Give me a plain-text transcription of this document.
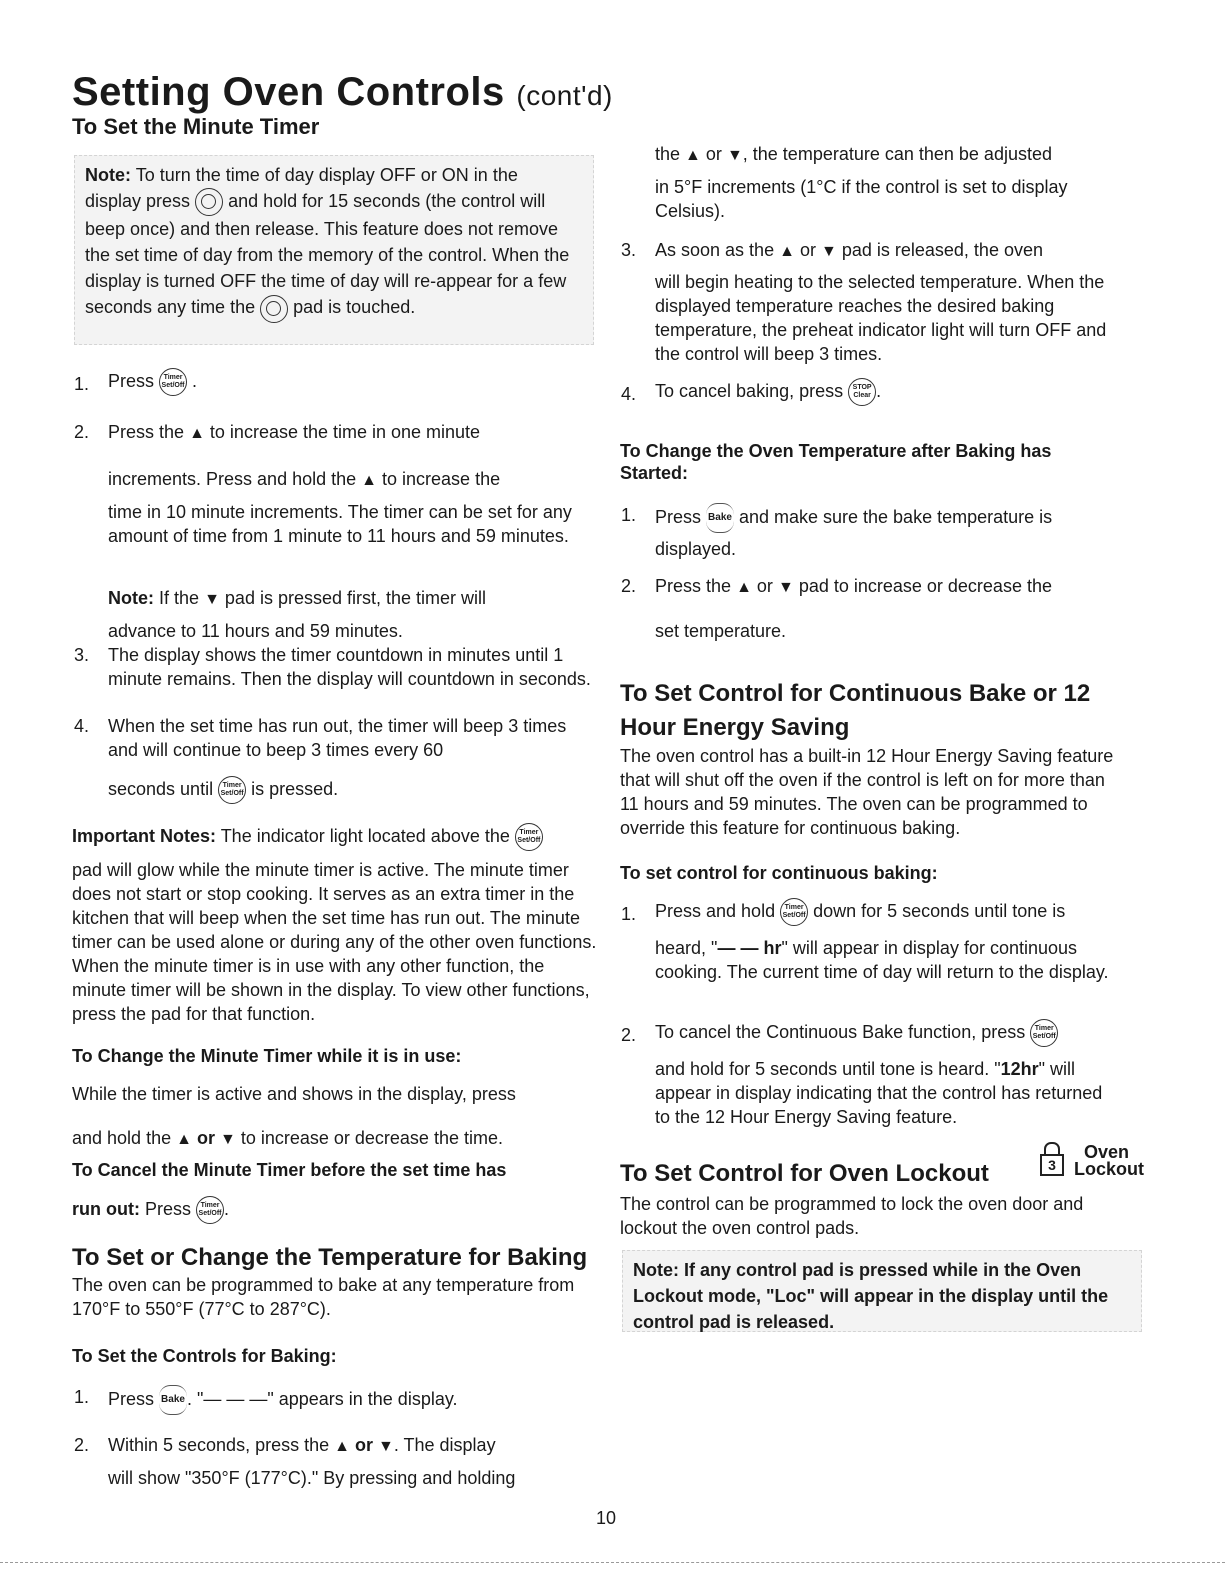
Setting Oven Controls (cont'd)
To Set the Minute Timer
Note: To turn the time of day display OFF or ON in the
display press and hold for 15 seconds (the control will
beep once) and then release. This feature does not remove
the set time of day from the memory of the control. When the
display is turned OFF the time of day will re-appear for a few
seconds any time the pad is touched.
1. Press Timer
Set/Off .
2. Press the ▲ to increase the time in one minute
increments. Press and hold the ▲ to increase the

time in 10 minute increments. The timer can be set for any amount of time from 1 minute to 11 hours and 59 minutes.

Note: If the ▼ pad is pressed first, the timer will

advance to 11 hours and 59 minutes.

3. The display shows the timer countdown in minutes until 1 minute remains. Then the display will countdown in seconds.

4. When the set time has run out, the timer will beep 3 times and will continue to beep 3 times every 60

seconds until Timer
Set/Off is pressed.
Important Notes: The indicator light located above the Timer
Set/Off

pad will glow while the minute timer is active. The minute timer does not start or stop cooking. It serves as an extra timer in the kitchen that will beep when the set time has run out. The minute timer can be used alone or during any of the other oven functions. When the minute timer is in use with any other function, the minute timer will be shown in the display. To view other functions, press the pad for that function.

To Change the Minute Timer while it is in use:

While the timer is active and shows in the display, press

and hold the ▲ or ▼ to increase or decrease the time.
To Cancel the Minute Timer before the set time has
run out: Press Timer
Set/Off .
To Set or Change the Temperature for Baking

The oven can be programmed to bake at any temperature from 170°F to 550°F (77°C to 287°C).

To Set the Controls for Baking:
1. Press Bake . "— — —" appears in the display.
2. Within 5 seconds, press the ▲ or ▼. The display

will show "350°F (177°C)." By pressing and holding

the ▲ or ▼, the temperature can then be adjusted

in 5°F increments (1°C if the control is set to display Celsius).

3. As soon as the ▲ or ▼ pad is released, the oven

will begin heating to the selected temperature. When the displayed temperature reaches the desired baking temperature, the preheat indicator light will turn OFF and the control will beep 3 times.

4. To cancel baking, press STOP
Clear .
To Change the Oven Temperature after Baking has Started:
1. Press Bake and make sure the bake temperature is

displayed.

2. Press the ▲ or ▼ pad to increase or decrease the

set temperature.

To Set Control for Continuous Bake or 12 Hour Energy Saving

The oven control has a built-in 12 Hour Energy Saving feature that will shut off the oven if the control is left on for more than 11 hours and 59 minutes. The oven can be programmed to override this feature for continuous baking.

To set control for continuous baking:
1. Press and hold Timer
Set/Off down for 5 seconds until tone is
heard, "— — hr" will appear in display for continuous

cooking. The current time of day will return to the display.

2. To cancel the Continuous Bake function, press Timer
Set/Off
and hold for 5 seconds until tone is heard. "12hr" will

appear in display indicating that the control has returned to the 12 Hour Energy Saving feature.

To Set Control for Oven Lockout	3
Oven
Lockout

The control can be programmed to lock the oven door and lockout the oven control pads.

Note: If any control pad is pressed while in the Oven Lockout mode, "Loc" will appear in the display until the control pad is released.
10
